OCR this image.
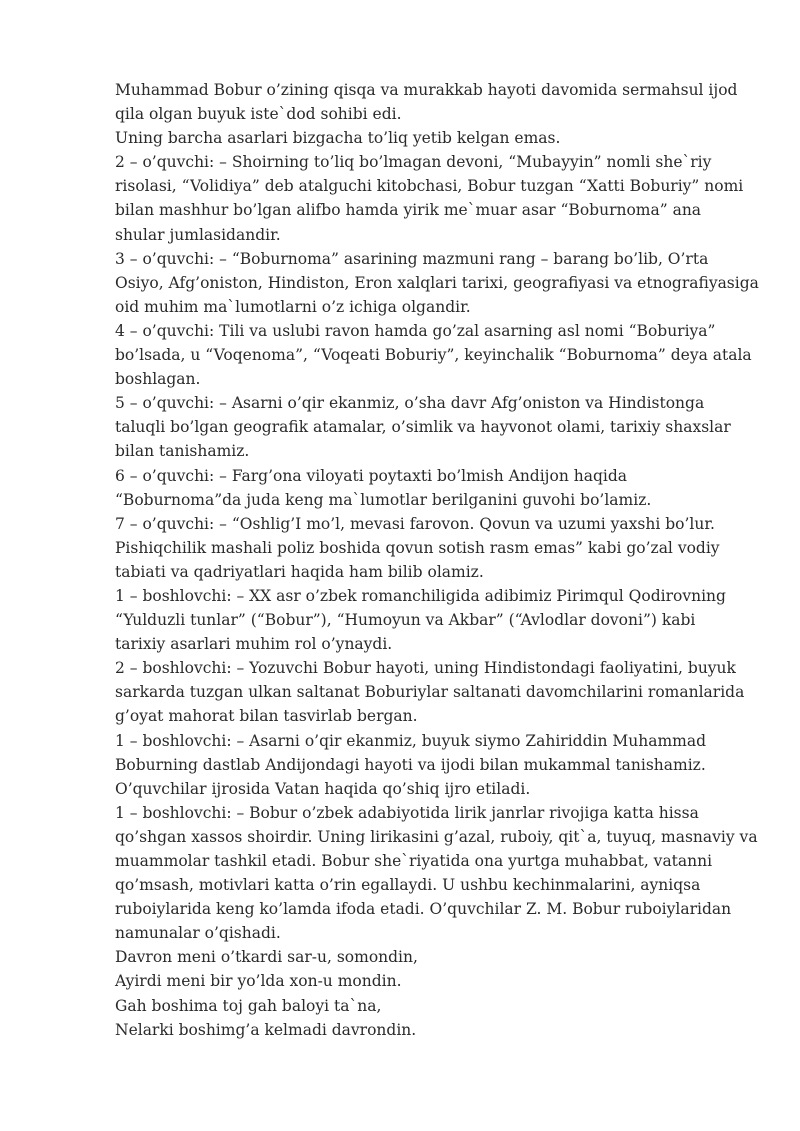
Muhammad Bobur o’zining qisqa va murakkab hayoti davomida sermahsul ijod
qila olgan buyuk iste`dod sohibi edi.
Uning barcha asarlari bizgacha to’liq yetib kelgan emas.
2 – o’quvchi: – Shoirning to’liq bo’lmagan devoni, “Mubayyin” nomli she`riy
risolasi, “Volidiya” deb atalguchi kitobchasi, Bobur tuzgan “Xatti Boburiy” nomi
bilan mashhur bo’lgan alifbo hamda yirik me`muar asar “Boburnoma” ana
shular jumlasidandir.
3 – o’quvchi: – “Boburnoma” asarining mazmuni rang – barang bo’lib, O’rta
Osiyo, Afg’oniston, Hindiston, Eron xalqlari tarixi, geografiyasi va etnografiyasiga
oid muhim ma`lumotlarni o’z ichiga olgandir.
4 – o’quvchi: Tili va uslubi ravon hamda go’zal asarning asl nomi “Boburiya”
bo’lsada, u “Voqenoma”, “Voqeati Boburiy”, keyinchalik “Boburnoma” deya atala
boshlagan.
5 – o’quvchi: – Asarni o’qir ekanmiz, o’sha davr Afg’oniston va Hindistonga
taluqli bo’lgan geografik atamalar, o’simlik va hayvonot olami, tarixiy shaxslar
bilan tanishamiz.
6 – o’quvchi: – Farg’ona viloyati poytaxti bo’lmish Andijon haqida
“Boburnoma”da juda keng ma`lumotlar berilganini guvohi bo’lamiz.
7 – o’quvchi: – “Oshlig’I mo’l, mevasi farovon. Qovun va uzumi yaxshi bo’lur.
Pishiqchilik mashali poliz boshida qovun sotish rasm emas” kabi go’zal vodiy
tabiati va qadriyatlari haqida ham bilib olamiz.
1 – boshlovchi: – XX asr o’zbek romanchiligida adibimiz Pirimqul Qodirovning
“Yulduzli tunlar” (“Bobur”), “Humoyun va Akbar” (“Avlodlar dovoni”) kabi
tarixiy asarlari muhim rol o’ynaydi.
2 – boshlovchi: – Yozuvchi Bobur hayoti, uning Hindistondagi faoliyatini, buyuk
sarkarda tuzgan ulkan saltanat Boburiylar saltanati davomchilarini romanlarida
g’oyat mahorat bilan tasvirlab bergan.
1 – boshlovchi: – Asarni o’qir ekanmiz, buyuk siymo Zahiriddin Muhammad
Boburning dastlab Andijondagi hayoti va ijodi bilan mukammal tanishamiz.
O’quvchilar ijrosida Vatan haqida qo’shiq ijro etiladi.
1 – boshlovchi: – Bobur o’zbek adabiyotida lirik janrlar rivojiga katta hissa
qo’shgan xassos shoirdir. Uning lirikasini g’azal, ruboiy, qit`a, tuyuq, masnaviy va
muammolar tashkil etadi. Bobur she`riyatida ona yurtga muhabbat, vatanni
qo’msash, motivlari katta o’rin egallaydi. U ushbu kechinmalarini, ayniqsa
ruboiylarida keng ko’lamda ifoda etadi. O’quvchilar Z. M. Bobur ruboiylaridan
namunalar o’qishadi.
Davron meni o’tkardi sar-u, somondin,
Ayirdi meni bir yo’lda xon-u mondin.
Gah boshima toj gah baloyi ta`na,
Nelarki boshimg’a kelmadi davrondin.
